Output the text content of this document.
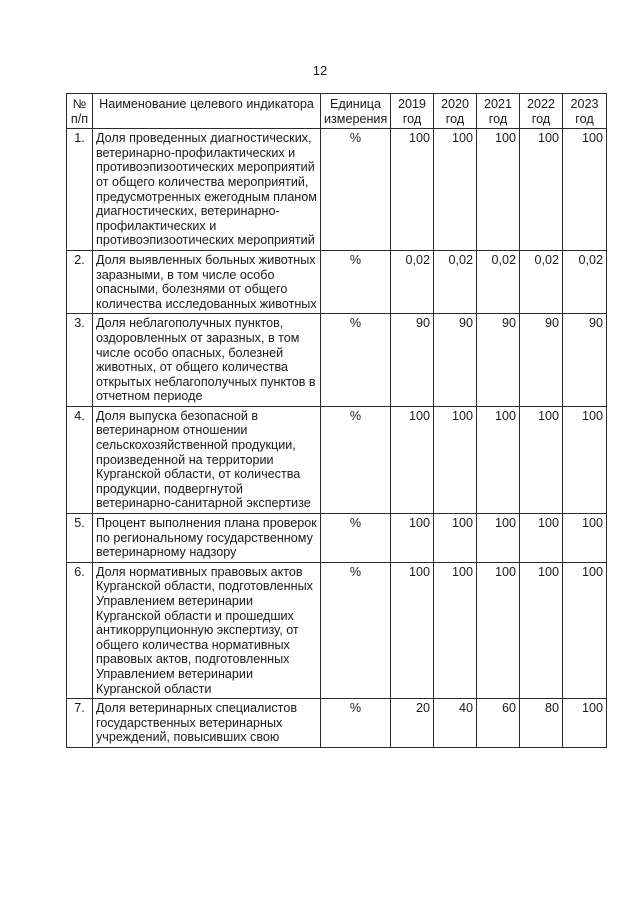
12
№ п/п	Наименование целевого индикатора	Единица измерения	2019 год	2020 год	2021 год	2022 год	2023 год
1.	Доля проведенных диагностических, ветеринарно-профилактических и противоэпизоотических мероприятий от общего количества мероприятий, предусмотренных ежегодным планом диагностических, ветеринарно-профилактических и противоэпизоотических мероприятий	%	100	100	100	100	100
2.	Доля выявленных больных животных заразными, в том числе особо опасными, болезнями от общего количества исследованных животных	%	0,02	0,02	0,02	0,02	0,02
3.	Доля неблагополучных пунктов, оздоровленных от заразных, в том числе особо опасных, болезней животных, от общего количества открытых неблагополучных пунктов в отчетном периоде	%	90	90	90	90	90
4.	Доля выпуска безопасной в ветеринарном отношении сельскохозяйственной продукции, произведенной на территории Курганской области, от количества продукции, подвергнутой ветеринарно-санитарной экспертизе	%	100	100	100	100	100
5.	Процент выполнения плана проверок по региональному государственному ветеринарному надзору	%	100	100	100	100	100
6.	Доля нормативных правовых актов Курганской области, подготовленных Управлением ветеринарии Курганской области и прошедших антикоррупционную экспертизу, от общего количества нормативных правовых актов, подготовленных Управлением ветеринарии Курганской области	%	100	100	100	100	100
7.	Доля ветеринарных специалистов государственных ветеринарных учреждений, повысивших свою	%	20	40	60	80	100
